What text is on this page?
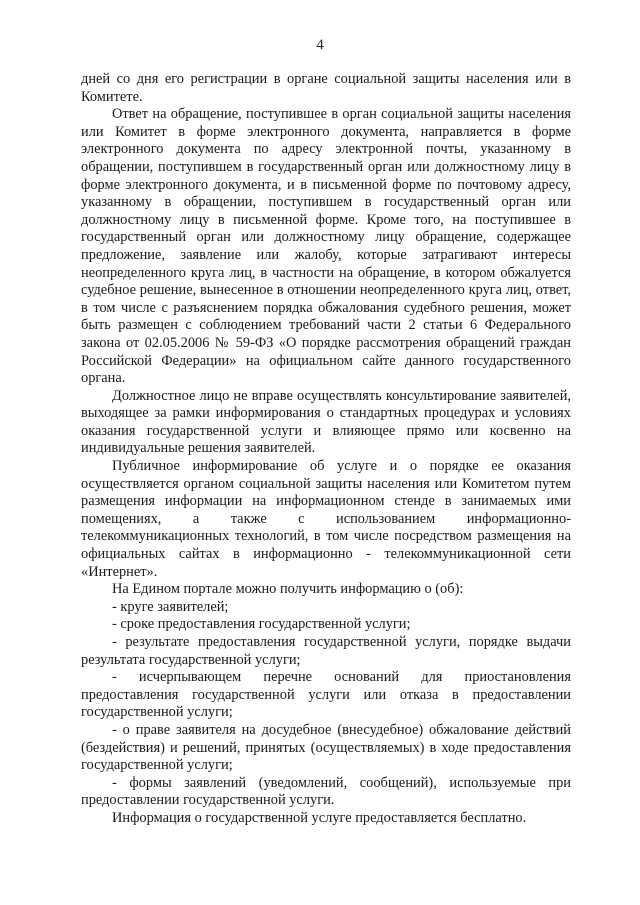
4

дней со дня его регистрации в органе социальной защиты населения или в Комитете.

Ответ на обращение, поступившее в орган социальной защиты населения или Комитет в форме электронного документа, направляется в форме электронного документа по адресу электронной почты, указанному в обращении, поступившем в государственный орган или должностному лицу в форме электронного документа, и в письменной форме по почтовому адресу, указанному в обращении, поступившем в государственный орган или должностному лицу в письменной форме. Кроме того, на поступившее в государственный орган или должностному лицу обращение, содержащее предложение, заявление или жалобу, которые затрагивают интересы неопределенного круга лиц, в частности на обращение, в котором обжалуется судебное решение, вынесенное в отношении неопределенного круга лиц, ответ, в том числе с разъяснением порядка обжалования судебного решения, может быть размещен с соблюдением требований части 2 статьи 6 Федерального закона от 02.05.2006 № 59-ФЗ «О порядке рассмотрения обращений граждан Российской Федерации» на официальном сайте данного государственного органа.

Должностное лицо не вправе осуществлять консультирование заявителей, выходящее за рамки информирования о стандартных процедурах и условиях оказания государственной услуги и влияющее прямо или косвенно на индивидуальные решения заявителей.

Публичное информирование об услуге и о порядке ее оказания осуществляется органом социальной защиты населения или Комитетом путем размещения информации на информационном стенде в занимаемых ими помещениях, а также с использованием информационно-телекоммуникационных технологий, в том числе посредством размещения на официальных сайтах в информационно - телекоммуникационной сети «Интернет».

На Едином портале можно получить информацию о (об):

- круге заявителей;

- сроке предоставления государственной услуги;

- результате предоставления государственной услуги, порядке выдачи результата государственной услуги;

- исчерпывающем перечне оснований для приостановления предоставления государственной услуги или отказа в предоставлении государственной услуги;

- о праве заявителя на досудебное (внесудебное) обжалование действий (бездействия) и решений, принятых (осуществляемых) в ходе предоставления государственной услуги;

- формы заявлений (уведомлений, сообщений), используемые при предоставлении государственной услуги.

Информация о государственной услуге предоставляется бесплатно.
